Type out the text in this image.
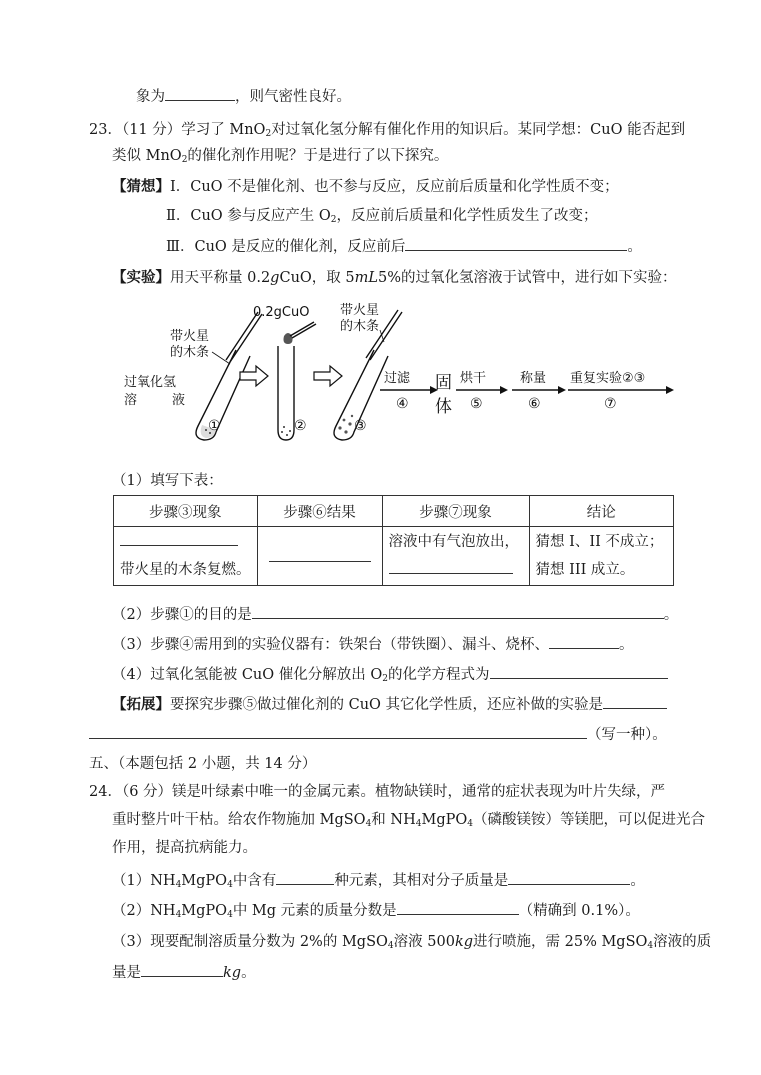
象为	，则气密性良好。
23．（11 分）学习了 MnO$_2$对过氧化氢分解有催化作用的知识后。某同学想：CuO 能否起到
类似 MnO$_2$的催化剂作用呢？于是进行了以下探究。
【猜想】Ⅰ．CuO 不是催化剂、也不参与反应，反应前后质量和化学性质不变；
Ⅱ．CuO 参与反应产生 $O_2$，反应前后质量和化学性质发生了改变；
Ⅲ．CuO 是反应的催化剂，反应前后	。
【实验】用天平称量 0.2gCuO，取 5mL5%的过氧化氢溶液于试管中，进行如下实验：
带火星
的木条
过氧化氢
溶	液
①
0.2gCuO
②
带火星
的木条
③
过滤
④
固
体
烘干
⑤
称量
⑥
重复实验②③
⑦
（1）填写下表：
步骤③现象	步骤⑥结果	步骤⑦现象	结论

带火星的木条复燃。		溶液中有气泡放出，	猜想 I、II 不成立；
猜想 III 成立。
（2）步骤①的目的是	。
（3）步骤④需用到的实验仪器有：铁架台（带铁圈）、漏斗、烧杯、	。
（4）过氧化氢能被 CuO 催化分解放出 $O_2$的化学方程式为
【拓展】要探究步骤⑤做过催化剂的 CuO 其它化学性质，还应补做的实验是
（写一种）。
五、（本题包括 2 小题，共 14 分）
24．（6 分）镁是叶绿素中唯一的金属元素。植物缺镁时，通常的症状表现为叶片失绿，严
重时整片叶干枯。给农作物施加 MgSO$_4$和 $NH_4MgPO_4$（磷酸镁铵）等镁肥，可以促进光合
作用，提高抗病能力。
$(1)NH_4MgPO_4$中含有	种元素，其相对分子质量是	。
$(2)NH_4MgPO_4$中 Mg 元素的质量分数是	（精确到 0.1%）。
（3）现要配制溶质量分数为 2%的 MgSO$_4$溶液 500kg进行喷施，需 25% MgSO$_4$溶液的质
量是	kg。
